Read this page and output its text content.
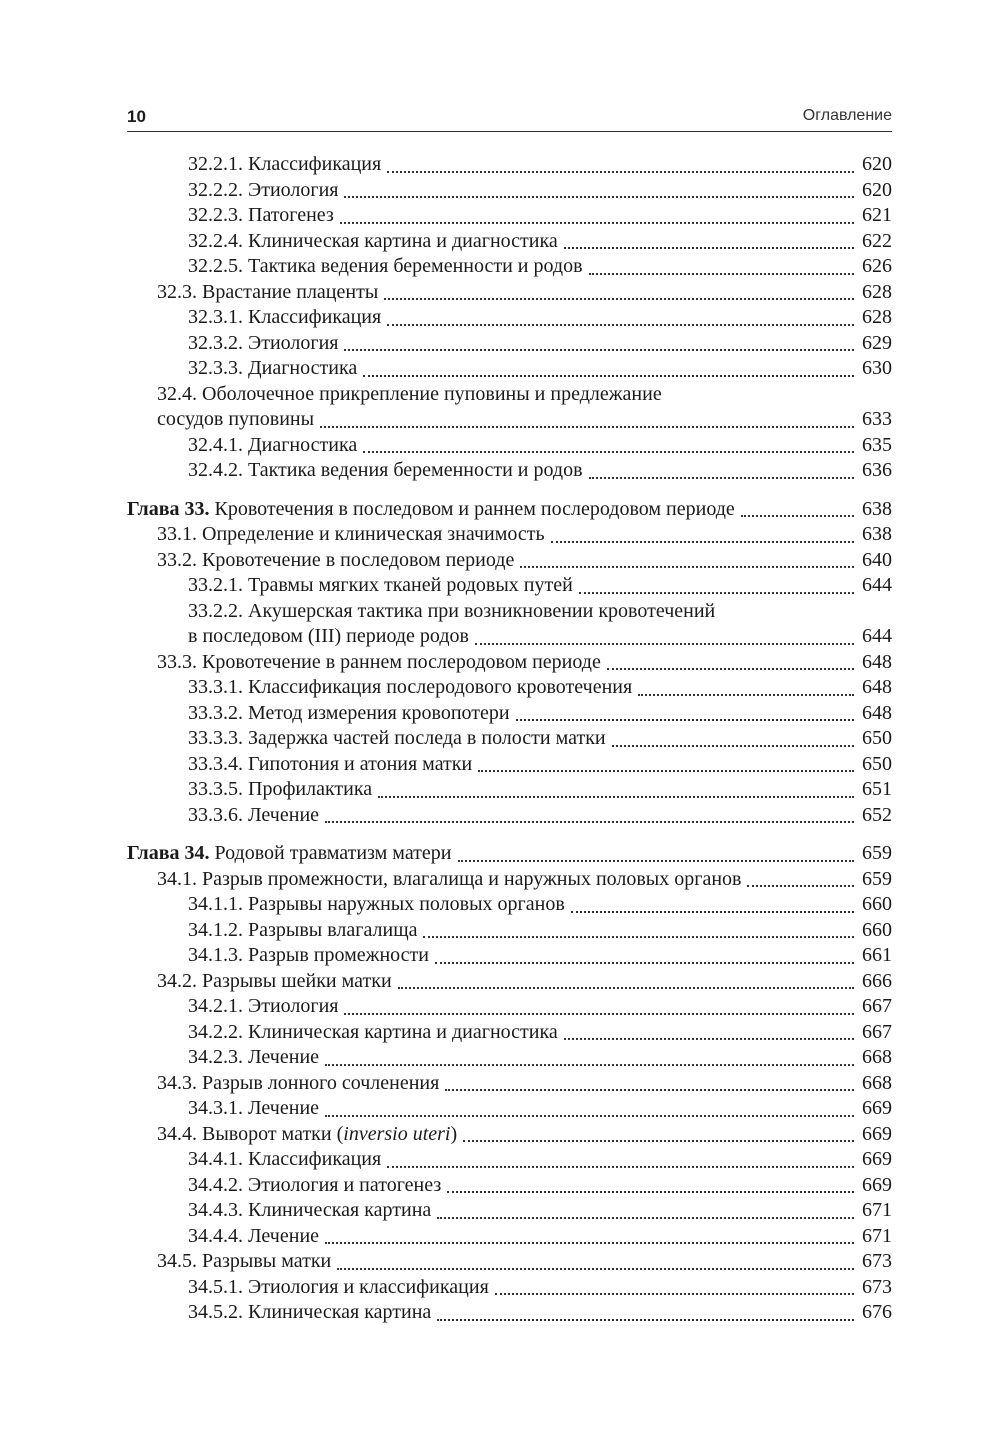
10	Оглавление
32.2.1. Классификация	620
32.2.2. Этиология	620
32.2.3. Патогенез	621
32.2.4. Клиническая картина и диагностика	622
32.2.5. Тактика ведения беременности и родов	626
32.3. Врастание плаценты	628
32.3.1. Классификация	628
32.3.2. Этиология	629
32.3.3. Диагностика	630
32.4. Оболочечное прикрепление пуповины и предлежание
сосудов пуповины	633
32.4.1. Диагностика	635
32.4.2. Тактика ведения беременности и родов	636
Глава 33. Кровотечения в последовом и раннем послеродовом периоде	638
33.1. Определение и клиническая значимость	638
33.2. Кровотечение в последовом периоде	640
33.2.1. Травмы мягких тканей родовых путей	644
33.2.2. Акушерская тактика при возникновении кровотечений
в последовом (III) периоде родов	644
33.3. Кровотечение в раннем послеродовом периоде	648
33.3.1. Классификация послеродового кровотечения	648
33.3.2. Метод измерения кровопотери	648
33.3.3. Задержка частей последа в полости матки	650
33.3.4. Гипотония и атония матки	650
33.3.5. Профилактика	651
33.3.6. Лечение	652
Глава 34. Родовой травматизм матери	659
34.1. Разрыв промежности, влагалища и наружных половых органов	659
34.1.1. Разрывы наружных половых органов	660
34.1.2. Разрывы влагалища	660
34.1.3. Разрыв промежности	661
34.2. Разрывы шейки матки	666
34.2.1. Этиология	667
34.2.2. Клиническая картина и диагностика	667
34.2.3. Лечение	668
34.3. Разрыв лонного сочленения	668
34.3.1. Лечение	669
34.4. Выворот матки (inversio uteri)	669
34.4.1. Классификация	669
34.4.2. Этиология и патогенез	669
34.4.3. Клиническая картина	671
34.4.4. Лечение	671
34.5. Разрывы матки	673
34.5.1. Этиология и классификация	673
34.5.2. Клиническая картина	676
